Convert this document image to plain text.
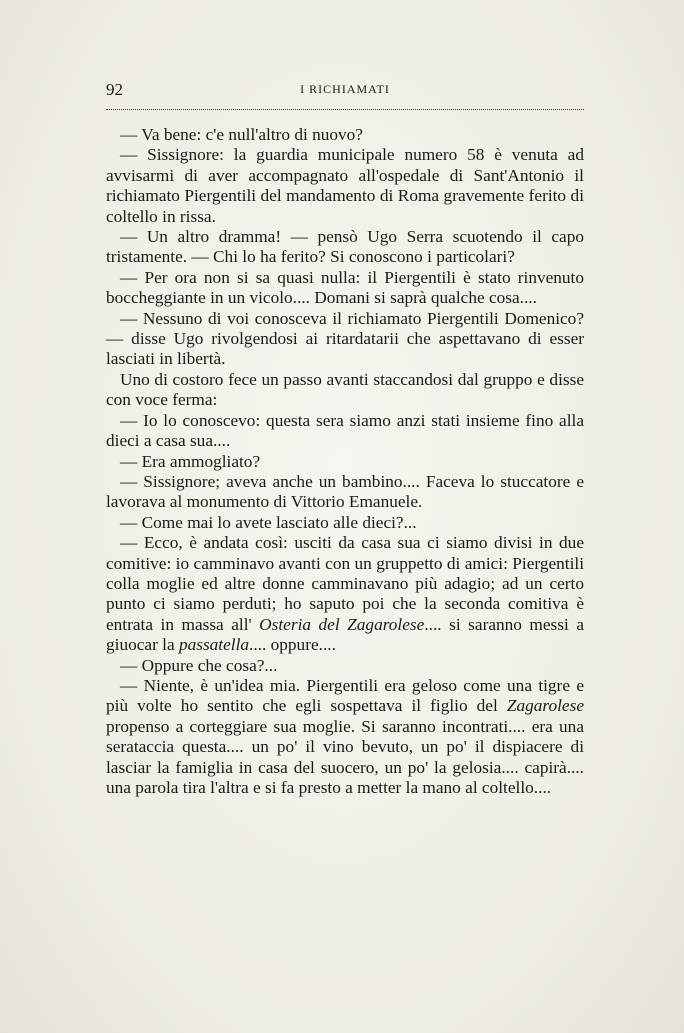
92	I RICHIAMATI

— Va bene: c'e null'altro di nuovo?

— Sissignore: la guardia municipale numero 58 è venuta ad avvisarmi di aver accompagnato all'ospedale di Sant'Antonio il richiamato Piergentili del mandamento di Roma gravemente ferito di coltello in rissa.

— Un altro dramma! — pensò Ugo Serra scuotendo il capo tristamente. — Chi lo ha ferito? Si conoscono i particolari?

— Per ora non si sa quasi nulla: il Piergentili è stato rinvenuto boccheggiante in un vicolo.... Domani si saprà qualche cosa....

— Nessuno di voi conosceva il richiamato Piergentili Domenico? — disse Ugo rivolgendosi ai ritardatarii che aspettavano di esser lasciati in libertà.

Uno di costoro fece un passo avanti staccandosi dal gruppo e disse con voce ferma:

— Io lo conoscevo: questa sera siamo anzi stati insieme fino alla dieci a casa sua....

— Era ammogliato?

— Sissignore; aveva anche un bambino.... Faceva lo stuccatore e lavorava al monumento di Vittorio Emanuele.

— Come mai lo avete lasciato alle dieci?...

— Ecco, è andata così: usciti da casa sua ci siamo divisi in due comitive: io camminavo avanti con un gruppetto di amici: Piergentili colla moglie ed altre donne camminavano più adagio; ad un certo punto ci siamo perduti; ho saputo poi che la seconda comitiva è entrata in massa all' Osteria del Zagarolese.... si saranno messi a giuocar la passatella.... oppure....

— Oppure che cosa?...

— Niente, è un'idea mia. Piergentili era geloso come una tigre e più volte ho sentito che egli sospettava il figlio del Zagarolese propenso a corteggiare sua moglie. Si saranno incontrati.... era una serataccia questa.... un po' il vino bevuto, un po' il dispiacere di lasciar la famiglia in casa del suocero, un po' la gelosia.... capirà.... una parola tira l'altra e si fa presto a metter la mano al coltello....
